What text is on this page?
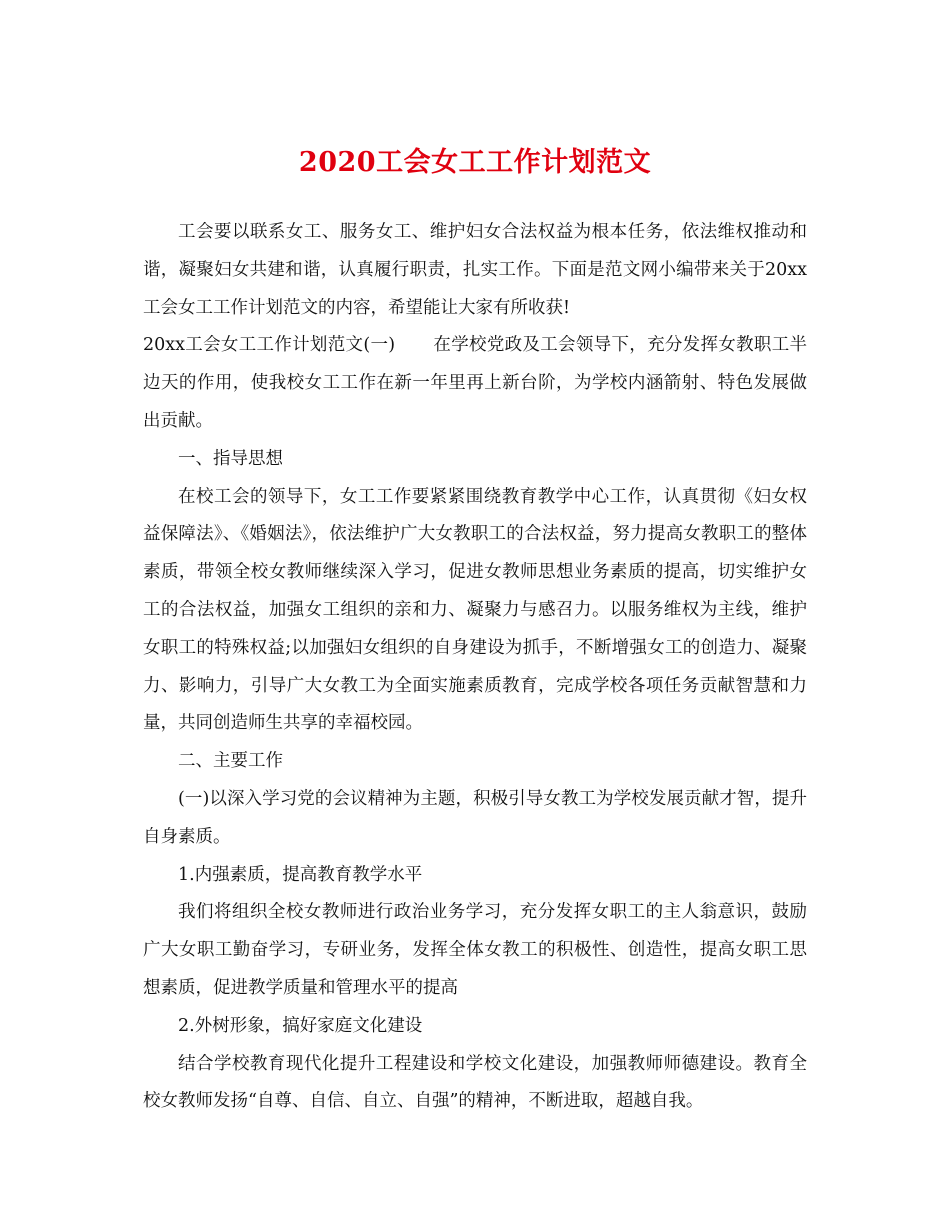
2020工会女工工作计划范文

工会要以联系女工、服务女工、维护妇女合法权益为根本任务，依法维权推动和谐，凝聚妇女共建和谐，认真履行职责，扎实工作。下面是范文网小编带来关于20xx工会女工工作计划范文的内容，希望能让大家有所收获!

20xx工会女工工作计划范文(一) 在学校党政及工会领导下，充分发挥女教职工半边天的作用，使我校女工工作在新一年里再上新台阶，为学校内涵箭射、特色发展做出贡献。

一、指导思想

在校工会的领导下，女工工作要紧紧围绕教育教学中心工作，认真贯彻《妇女权益保障法》、《婚姻法》，依法维护广大女教职工的合法权益，努力提高女教职工的整体素质，带领全校女教师继续深入学习，促进女教师思想业务素质的提高，切实维护女工的合法权益，加强女工组织的亲和力、凝聚力与感召力。以服务维权为主线，维护女职工的特殊权益;以加强妇女组织的自身建设为抓手，不断增强女工的创造力、凝聚力、影响力，引导广大女教工为全面实施素质教育，完成学校各项任务贡献智慧和力量，共同创造师生共享的幸福校园。

二、主要工作

(一)以深入学习党的会议精神为主题，积极引导女教工为学校发展贡献才智，提升自身素质。

1.内强素质，提高教育教学水平

我们将组织全校女教师进行政治业务学习，充分发挥女职工的主人翁意识，鼓励广大女职工勤奋学习，专研业务，发挥全体女教工的积极性、创造性，提高女职工思想素质，促进教学质量和管理水平的提高

2.外树形象，搞好家庭文化建设

结合学校教育现代化提升工程建设和学校文化建设，加强教师师德建设。教育全校女教师发扬“自尊、自信、自立、自强”的精神，不断进取，超越自我。
